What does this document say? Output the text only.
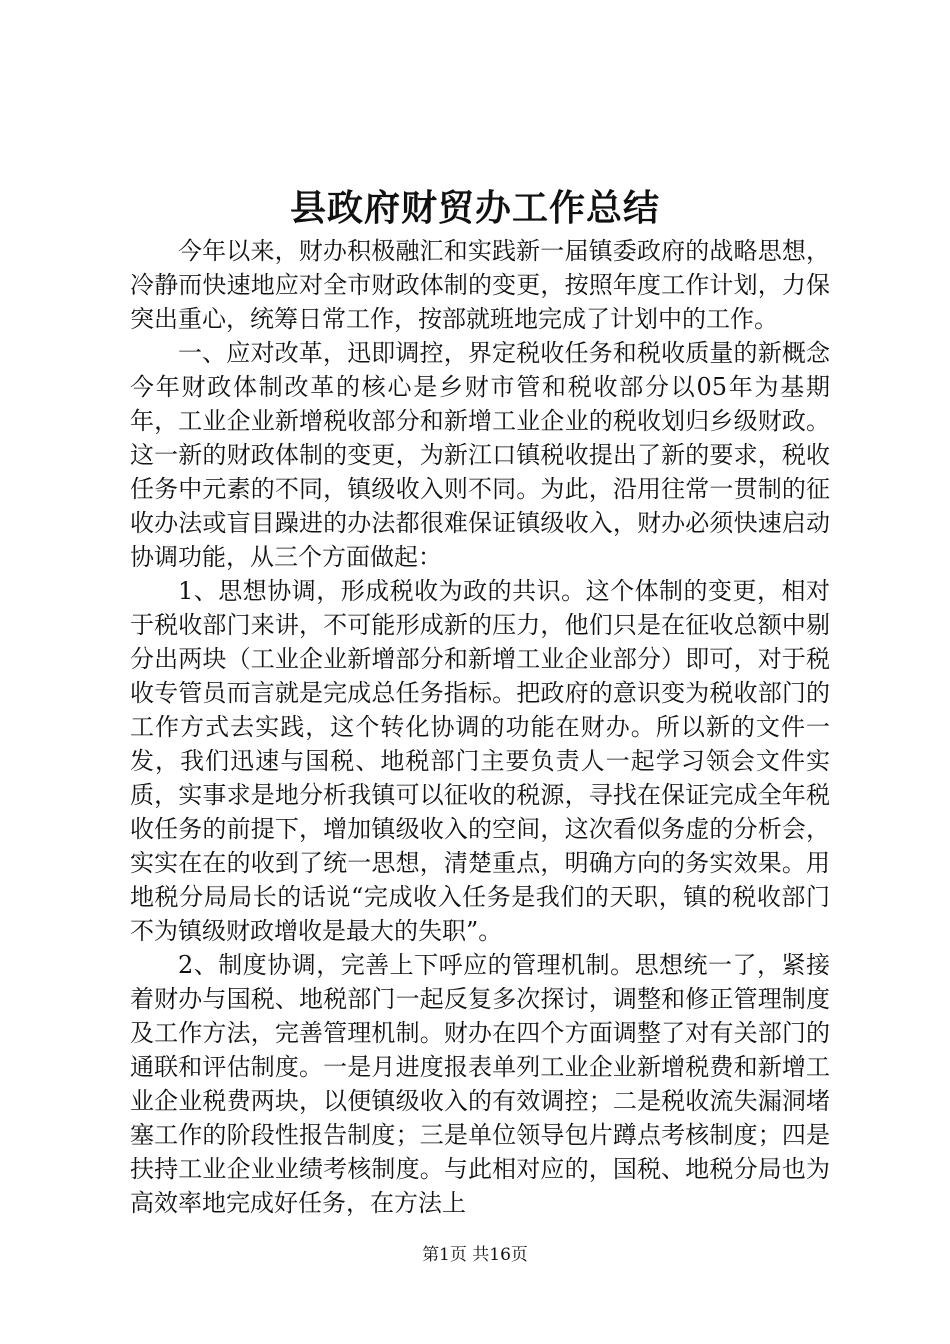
县政府财贸办工作总结

今年以来，财办积极融汇和实践新一届镇委政府的战略思想，冷静而快速地应对全市财政体制的变更，按照年度工作计划，力保突出重心，统筹日常工作，按部就班地完成了计划中的工作。

一、应对改革，迅即调控，界定税收任务和税收质量的新概念今年财政体制改革的核心是乡财市管和税收部分以05年为基期年，工业企业新增税收部分和新增工业企业的税收划归乡级财政。这一新的财政体制的变更，为新江口镇税收提出了新的要求，税收任务中元素的不同，镇级收入则不同。为此，沿用往常一贯制的征收办法或盲目躁进的办法都很难保证镇级收入，财办必须快速启动协调功能，从三个方面做起：

1、思想协调，形成税收为政的共识。这个体制的变更，相对于税收部门来讲，不可能形成新的压力，他们只是在征收总额中剔分出两块（工业企业新增部分和新增工业企业部分）即可，对于税收专管员而言就是完成总任务指标。把政府的意识变为税收部门的工作方式去实践，这个转化协调的功能在财办。所以新的文件一发，我们迅速与国税、地税部门主要负责人一起学习领会文件实质，实事求是地分析我镇可以征收的税源，寻找在保证完成全年税收任务的前提下，增加镇级收入的空间，这次看似务虚的分析会，实实在在的收到了统一思想，清楚重点，明确方向的务实效果。用地税分局局长的话说“完成收入任务是我们的天职，镇的税收部门不为镇级财政增收是最大的失职”。

2、制度协调，完善上下呼应的管理机制。思想统一了，紧接着财办与国税、地税部门一起反复多次探讨，调整和修正管理制度及工作方法，完善管理机制。财办在四个方面调整了对有关部门的通联和评估制度。一是月进度报表单列工业企业新增税费和新增工业企业税费两块，以便镇级收入的有效调控；二是税收流失漏洞堵塞工作的阶段性报告制度；三是单位领导包片蹲点考核制度；四是扶持工业企业业绩考核制度。与此相对应的，国税、地税分局也为高效率地完成好任务，在方法上

第1页 共16页
